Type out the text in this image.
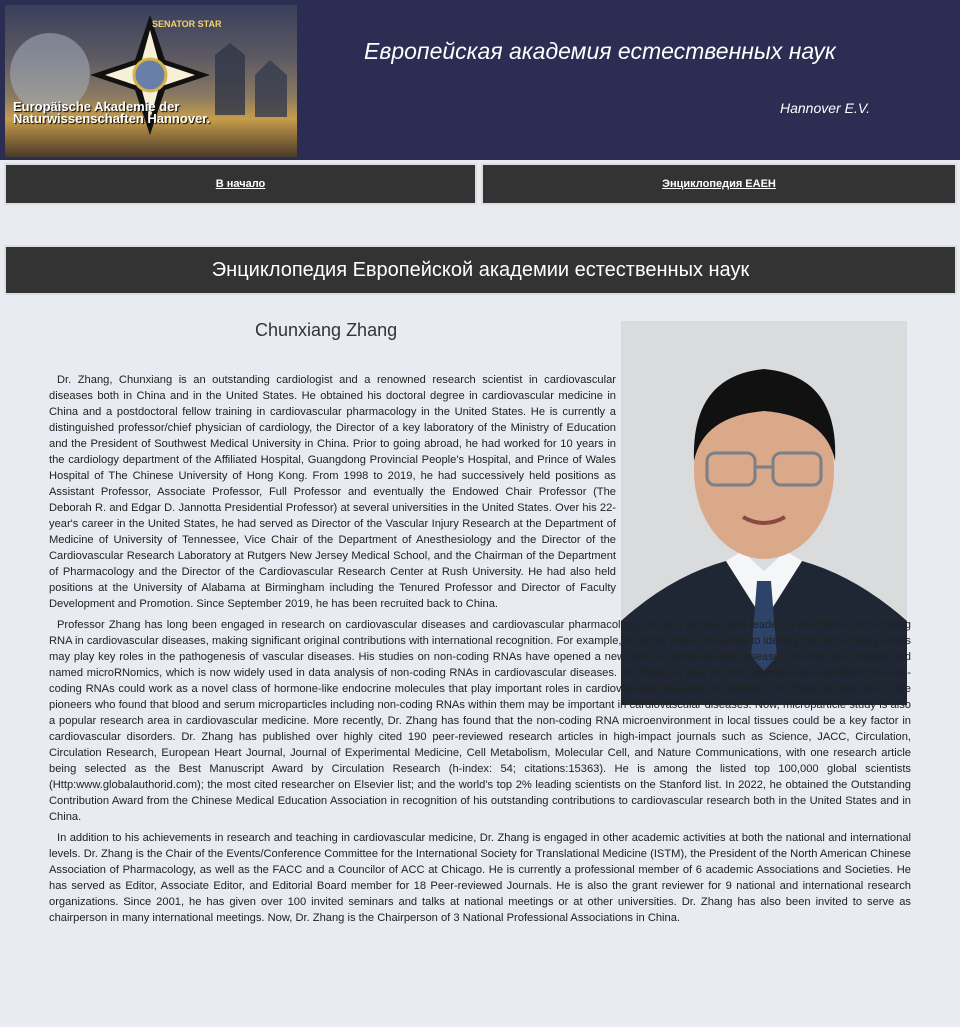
SENATOR STAR
Europäische Akademie der Naturwissenschaften Hannover.
Европейская академия естественных наук
Hannover E.V.
В начало	Энциклопедия ЕАЕН
Энциклопедия Европейской академии естественных наук
Chunxiang Zhang

Dr. Zhang, Chunxiang is an outstanding cardiologist and a renowned research scientist in cardiovascular diseases both in China and in the United States. He obtained his doctoral degree in cardiovascular medicine in China and a postdoctoral fellow training in cardiovascular pharmacology in the United States. He is currently a distinguished professor/chief physician of cardiology, the Director of a key laboratory of the Ministry of Education and the President of Southwest Medical University in China. Prior to going abroad, he had worked for 10 years in the cardiology department of the Affiliated Hospital, Guangdong Provincial People's Hospital, and Prince of Wales Hospital of The Chinese University of Hong Kong. From 1998 to 2019, he had successively held positions as Assistant Professor, Associate Professor, Full Professor and eventually the Endowed Chair Professor (The Deborah R. and Edgar D. Jannotta Presidential Professor) at several universities in the United States. Over his 22-year's career in the United States, he had served as Director of the Vascular Injury Research at the Department of Medicine of University of Tennessee, Vice Chair of the Department of Anesthesiology and the Director of the Cardiovascular Research Laboratory at Rutgers New Jersey Medical School, and the Chairman of the Department of Pharmacology and the Director of the Cardiovascular Research Center at Rush University. He had also held positions at the University of Alabama at Birmingham including the Tenured Professor and Director of Faculty Development and Promotion. Since September 2019, he has been recruited back to China.

Professor Zhang has long been engaged in research on cardiovascular diseases and cardiovascular pharmacology. He is a pioneer and leader in the field of non-coding RNA in cardiovascular diseases, making significant original contributions with international recognition. For example, he is the first in the world to identify that non-coding RNAs may play key roles in the pathogenesis of vascular diseases. His studies on non-coding RNAs have opened a new field in cardiovascular diseases. He has put forward and named microRNomics, which is now widely used in data analysis of non-coding RNAs in cardiovascular diseases. Dr. Zhang is also the first scientist who identified that non-coding RNAs could work as a novel class of hormone-like endocrine molecules that play important roles in cardiovascular diseases. In addition, Dr. Zhang is also one of the pioneers who found that blood and serum microparticles including non-coding RNAs within them may be important in cardiovascular diseases. Now, microparticle study is also a popular research area in cardiovascular medicine. More recently, Dr. Zhang has found that the non-coding RNA microenvironment in local tissues could be a key factor in cardiovascular disorders. Dr. Zhang has published over highly cited 190 peer-reviewed research articles in high-impact journals such as Science, JACC, Circulation, Circulation Research, European Heart Journal, Journal of Experimental Medicine, Cell Metabolism, Molecular Cell, and Nature Communications, with one research article being selected as the Best Manuscript Award by Circulation Research (h-index: 54; citations:15363). He is among the listed top 100,000 global scientists (Http:www.globalauthorid.com); the most cited researcher on Elsevier list; and the world's top 2% leading scientists on the Stanford list. In 2022, he obtained the Outstanding Contribution Award from the Chinese Medical Education Association in recognition of his outstanding contributions to cardiovascular research both in the United States and in China.

In addition to his achievements in research and teaching in cardiovascular medicine, Dr. Zhang is engaged in other academic activities at both the national and international levels. Dr. Zhang is the Chair of the Events/Conference Committee for the International Society for Translational Medicine (ISTM), the President of the North American Chinese Association of Pharmacology, as well as the FACC and a Councilor of ACC at Chicago. He is currently a professional member of 6 academic Associations and Societies. He has served as Editor, Associate Editor, and Editorial Board member for 18 Peer-reviewed Journals. He is also the grant reviewer for 9 national and international research organizations. Since 2001, he has given over 100 invited seminars and talks at national meetings or at other universities. Dr. Zhang has also been invited to serve as chairperson in many international meetings. Now, Dr. Zhang is the Chairperson of 3 National Professional Associations in China.
